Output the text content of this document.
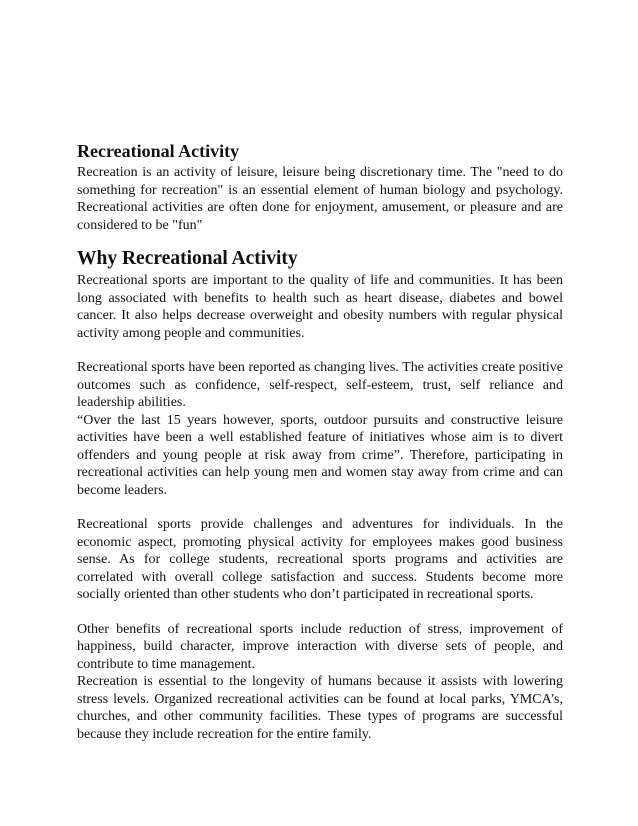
Recreational Activity

Recreation is an activity of leisure, leisure being discretionary time. The "need to do something for recreation" is an essential element of human biology and psychology. Recreational activities are often done for enjoyment, amusement, or pleasure and are considered to be "fun"

Why Recreational Activity

Recreational sports are important to the quality of life and communities. It has been long associated with benefits to health such as heart disease, diabetes and bowel cancer. It also helps decrease overweight and obesity numbers with regular physical activity among people and communities.

Recreational sports have been reported as changing lives. The activities create positive outcomes such as confidence, self-respect, self-esteem, trust, self reliance and leadership abilities.

“Over the last 15 years however, sports, outdoor pursuits and constructive leisure activities have been a well established feature of initiatives whose aim is to divert offenders and young people at risk away from crime”. Therefore, participating in recreational activities can help young men and women stay away from crime and can become leaders.

Recreational sports provide challenges and adventures for individuals. In the economic aspect, promoting physical activity for employees makes good business sense. As for college students, recreational sports programs and activities are correlated with overall college satisfaction and success. Students become more socially oriented than other students who don’t participated in recreational sports.

Other benefits of recreational sports include reduction of stress, improvement of happiness, build character, improve interaction with diverse sets of people, and contribute to time management.

Recreation is essential to the longevity of humans because it assists with lowering stress levels. Organized recreational activities can be found at local parks, YMCA’s, churches, and other community facilities. These types of programs are successful because they include recreation for the entire family.
